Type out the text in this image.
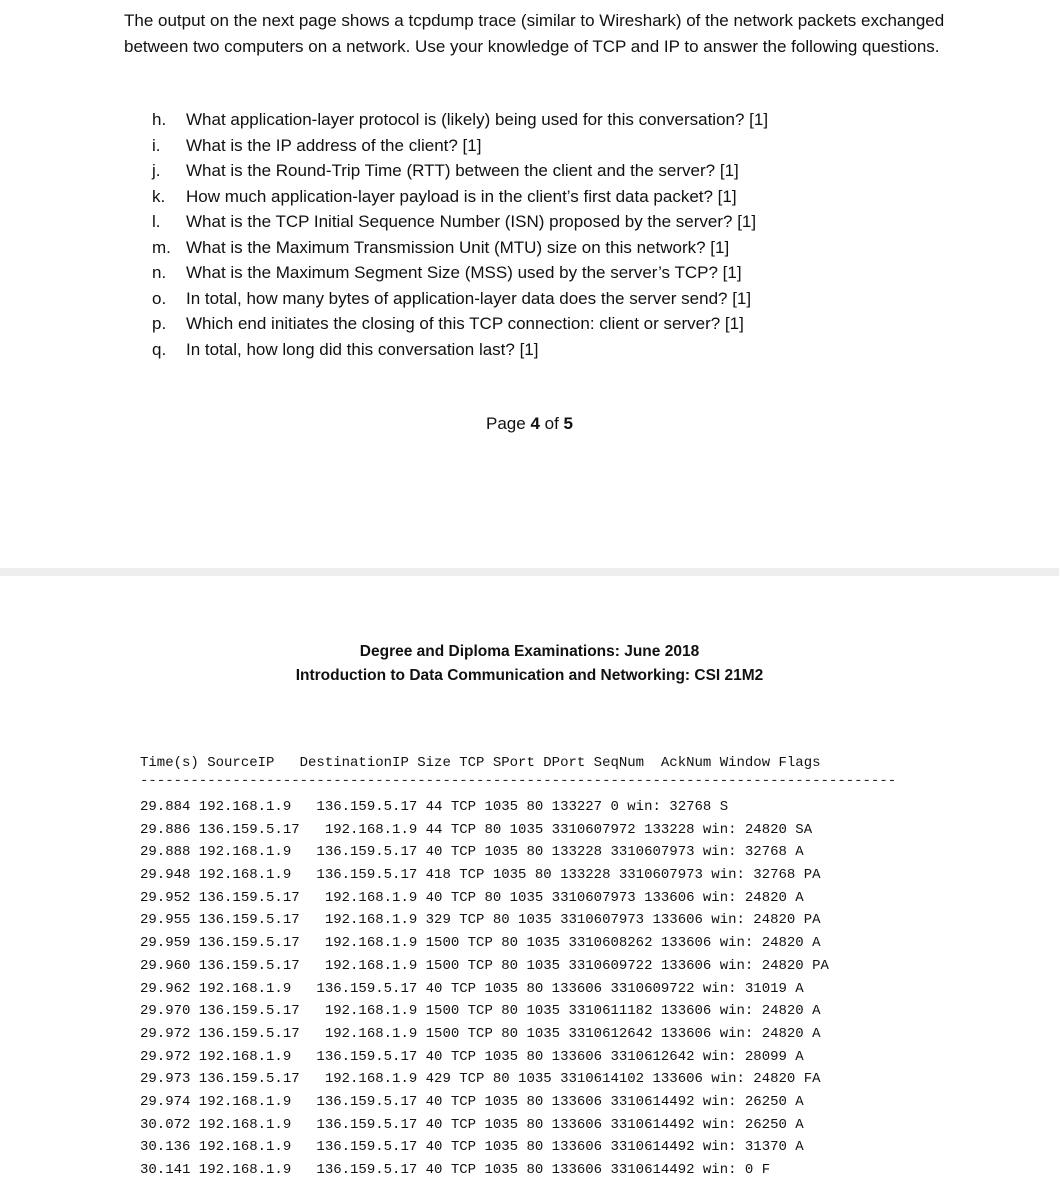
The output on the next page shows a tcpdump trace (similar to Wireshark) of the network packets exchanged between two computers on a network. Use your knowledge of TCP and IP to answer the following questions.

h.	What application-layer protocol is (likely) being used for this conversation? [1]
i.	What is the IP address of the client? [1]
j.	What is the Round-Trip Time (RTT) between the client and the server? [1]
k.	How much application-layer payload is in the client’s first data packet? [1]
l.	What is the TCP Initial Sequence Number (ISN) proposed by the server? [1]
m. What is the Maximum Transmission Unit (MTU) size on this network? [1]
n.	What is the Maximum Segment Size (MSS) used by the server’s TCP? [1]
o.	In total, how many bytes of application-layer data does the server send? [1]
p.	Which end initiates the closing of this TCP connection: client or server? [1]
q.	In total, how long did this conversation last? [1]
Page 4 of 5
Degree and Diploma Examinations: June 2018
Introduction to Data Communication and Networking: CSI 21M2
Time(s) SourceIP   DestinationIP Size TCP SPort DPort SeqNum  AckNum Window Flags
------------------------------------------------------------------------------------------
29.884 192.168.1.9   136.159.5.17 44 TCP 1035 80 133227 0 win: 32768 S
29.886 136.159.5.17   192.168.1.9 44 TCP 80 1035 3310607972 133228 win: 24820 SA
29.888 192.168.1.9   136.159.5.17 40 TCP 1035 80 133228 3310607973 win: 32768 A
29.948 192.168.1.9   136.159.5.17 418 TCP 1035 80 133228 3310607973 win: 32768 PA
29.952 136.159.5.17   192.168.1.9 40 TCP 80 1035 3310607973 133606 win: 24820 A
29.955 136.159.5.17   192.168.1.9 329 TCP 80 1035 3310607973 133606 win: 24820 PA
29.959 136.159.5.17   192.168.1.9 1500 TCP 80 1035 3310608262 133606 win: 24820 A
29.960 136.159.5.17   192.168.1.9 1500 TCP 80 1035 3310609722 133606 win: 24820 PA
29.962 192.168.1.9   136.159.5.17 40 TCP 1035 80 133606 3310609722 win: 31019 A
29.970 136.159.5.17   192.168.1.9 1500 TCP 80 1035 3310611182 133606 win: 24820 A
29.972 136.159.5.17   192.168.1.9 1500 TCP 80 1035 3310612642 133606 win: 24820 A
29.972 192.168.1.9   136.159.5.17 40 TCP 1035 80 133606 3310612642 win: 28099 A
29.973 136.159.5.17   192.168.1.9 429 TCP 80 1035 3310614102 133606 win: 24820 FA
29.974 192.168.1.9   136.159.5.17 40 TCP 1035 80 133606 3310614492 win: 26250 A
30.072 192.168.1.9   136.159.5.17 40 TCP 1035 80 133606 3310614492 win: 26250 A
30.136 192.168.1.9   136.159.5.17 40 TCP 1035 80 133606 3310614492 win: 31370 A
30.141 192.168.1.9   136.159.5.17 40 TCP 1035 80 133606 3310614492 win: 0 F
